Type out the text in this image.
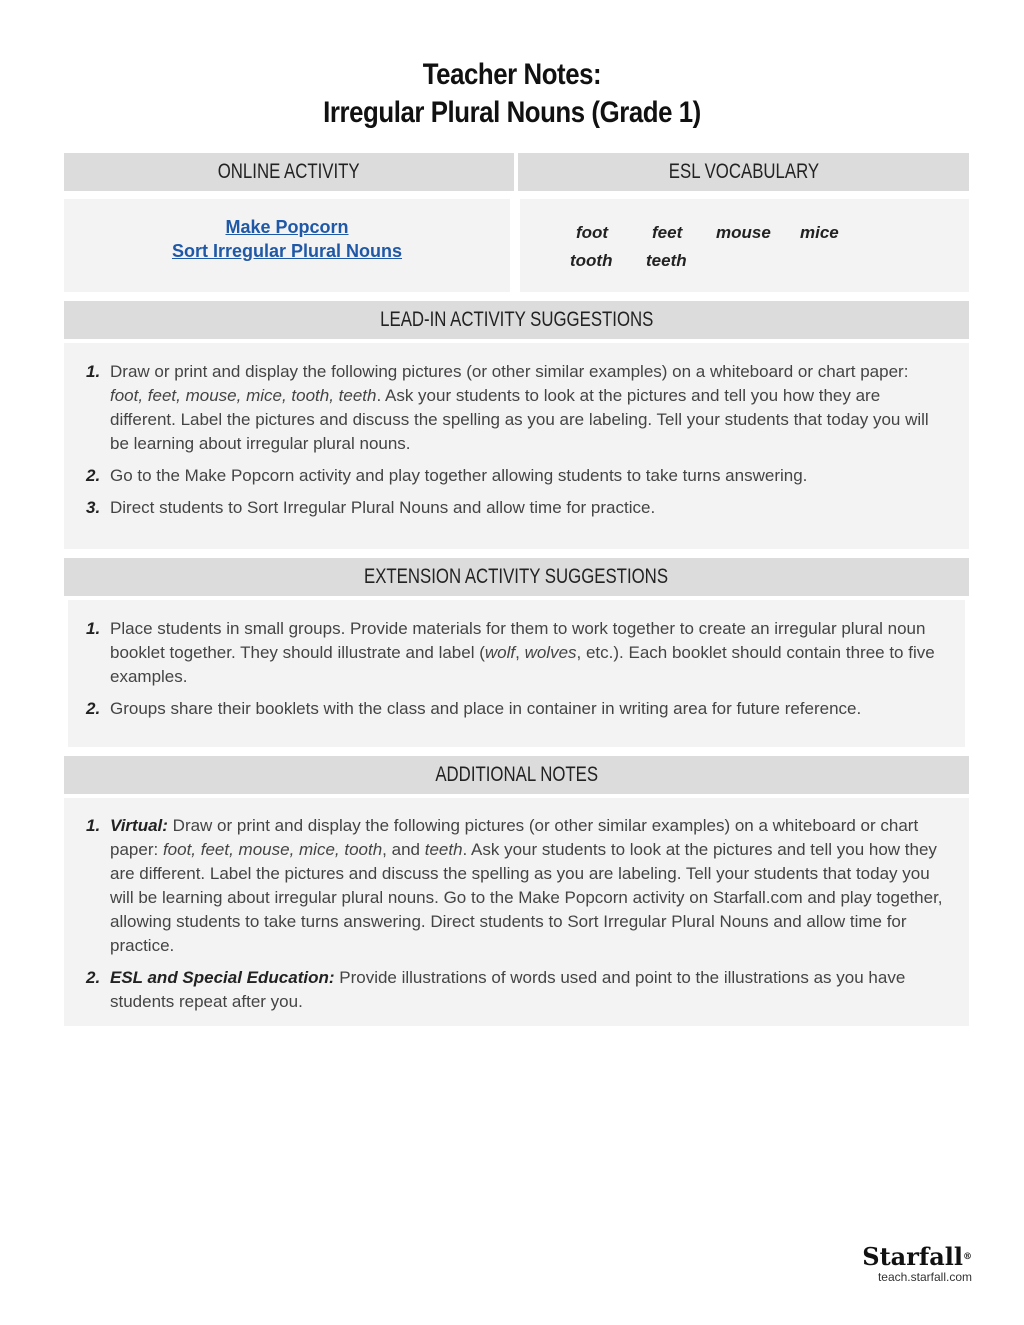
Teacher Notes:
Irregular Plural Nouns (Grade 1)
ONLINE ACTIVITY	ESL VOCABULARY
Make Popcorn
Sort Irregular Plural Nouns
foot	feet mouse mice
tooth teeth
LEAD-IN ACTIVITY SUGGESTIONS
1. Draw or print and display the following pictures (or other similar examples) on a whiteboard or chart paper: foot, feet, mouse, mice, tooth, teeth. Ask your students to look at the pictures and tell you how they are different. Label the pictures and discuss the spelling as you are labeling. Tell your students that today you will be learning about irregular plural nouns.
2. Go to the Make Popcorn activity and play together allowing students to take turns answering.
3. Direct students to Sort Irregular Plural Nouns and allow time for practice.
EXTENSION ACTIVITY SUGGESTIONS
1. Place students in small groups. Provide materials for them to work together to create an irregular plural noun booklet together. They should illustrate and label (wolf, wolves, etc.). Each booklet should contain three to five examples.
2. Groups share their booklets with the class and place in container in writing area for future reference.
ADDITIONAL NOTES
1. Virtual: Draw or print and display the following pictures (or other similar examples) on a whiteboard or chart paper: foot, feet, mouse, mice, tooth, and teeth. Ask your students to look at the pictures and tell you how they are different. Label the pictures and discuss the spelling as you are labeling. Tell your students that today you will be learning about irregular plural nouns. Go to the Make Popcorn activity on Starfall.com and play together, allowing students to take turns answering. Direct students to Sort Irregular Plural Nouns and allow time for practice.
2. ESL and Special Education: Provide illustrations of words used and point to the illustrations as you have students repeat after you.
Starfall®
teach.starfall.com
